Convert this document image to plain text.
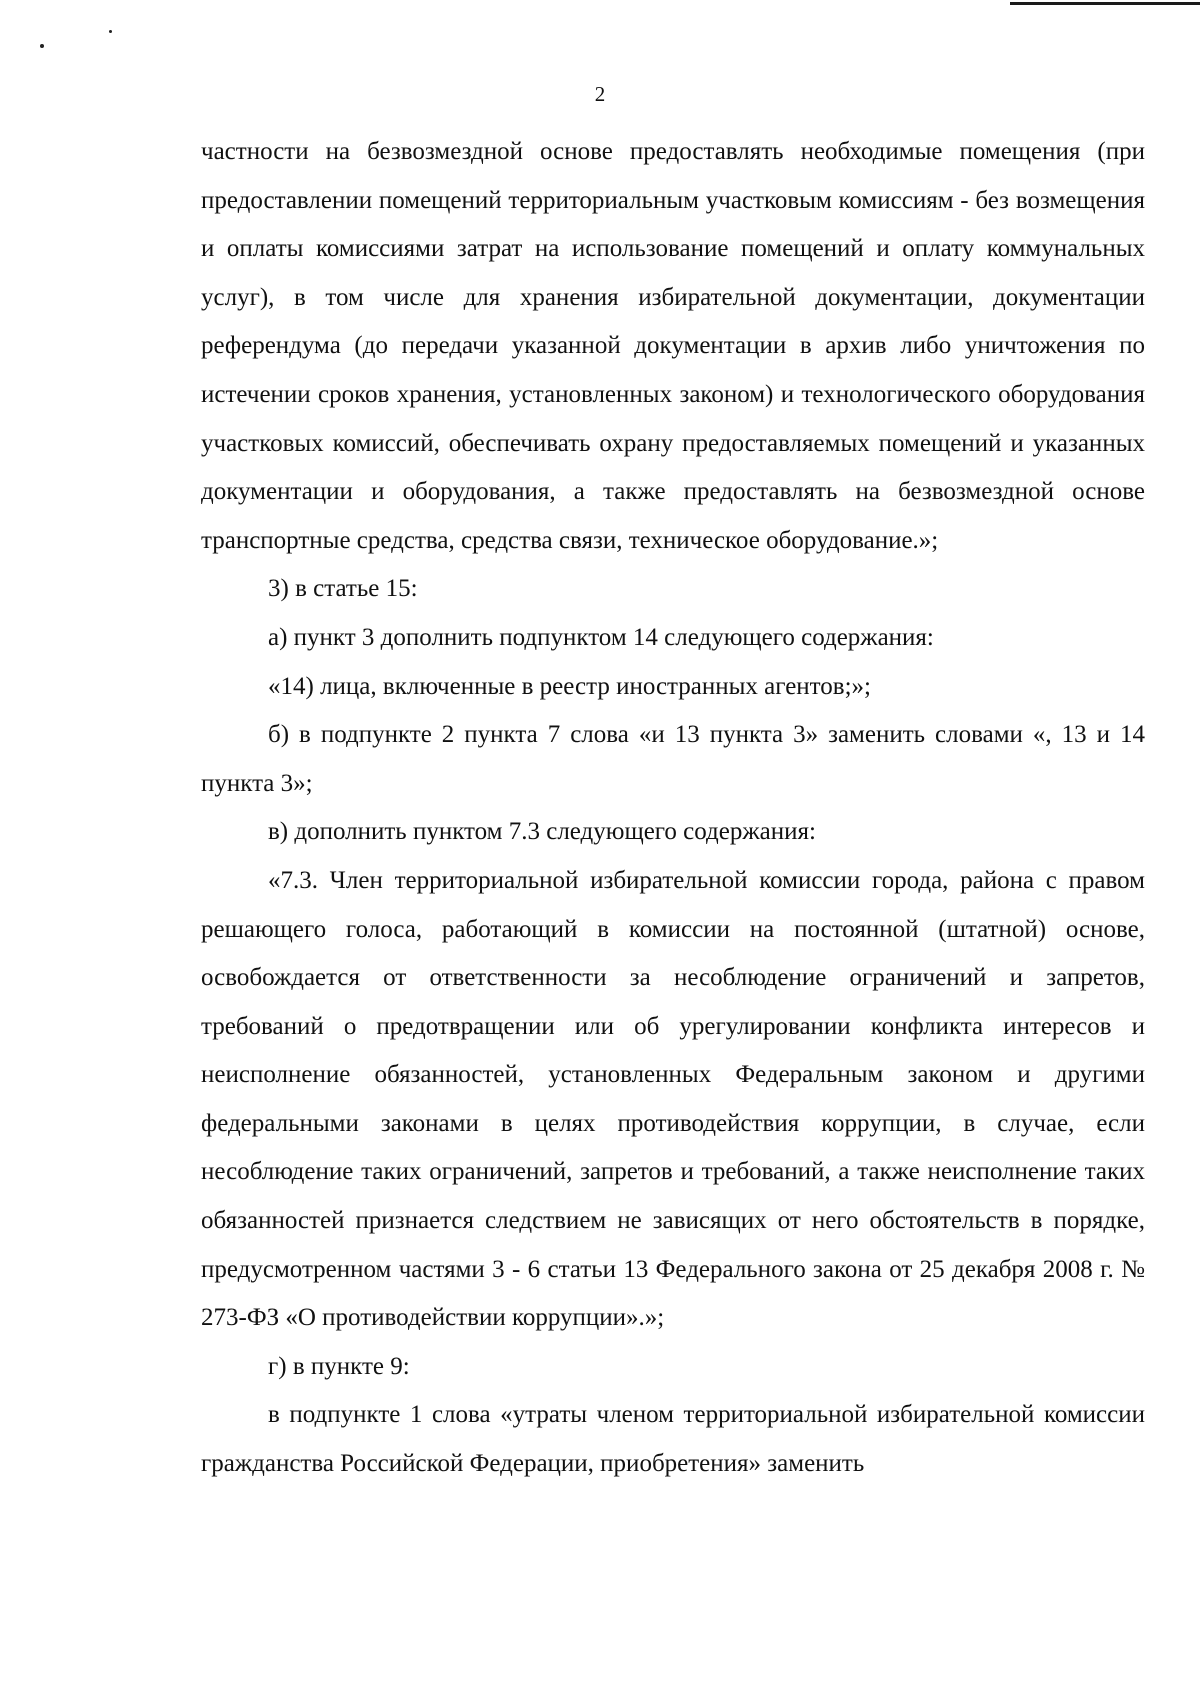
2

частности на безвозмездной основе предоставлять необходимые помещения (при предоставлении помещений территориальным участковым комиссиям - без возмещения и оплаты комиссиями затрат на использование помещений и оплату коммунальных услуг), в том числе для хранения избирательной документации, документации референдума (до передачи указанной документации в архив либо уничтожения по истечении сроков хранения, установленных законом) и технологического оборудования участковых комиссий, обеспечивать охрану предоставляемых помещений и указанных документации и оборудования, а также предоставлять на безвозмездной основе транспортные средства, средства связи, техническое оборудование.»;

3) в статье 15:

а) пункт 3 дополнить подпунктом 14 следующего содержания:

«14) лица, включенные в реестр иностранных агентов;»;

б) в подпункте 2 пункта 7 слова «и 13 пункта 3» заменить словами «, 13 и 14 пункта 3»;

в) дополнить пунктом 7.3 следующего содержания:

«7.3. Член территориальной избирательной комиссии города, района с правом решающего голоса, работающий в комиссии на постоянной (штатной) основе, освобождается от ответственности за несоблюдение ограничений и запретов, требований о предотвращении или об урегулировании конфликта интересов и неисполнение обязанностей, установленных Федеральным законом и другими федеральными законами в целях противодействия коррупции, в случае, если несоблюдение таких ограничений, запретов и требований, а также неисполнение таких обязанностей признается следствием не зависящих от него обстоятельств в порядке, предусмотренном частями 3 - 6 статьи 13 Федерального закона от 25 декабря 2008 г. № 273-ФЗ «О противодействии коррупции».»;

г) в пункте 9:

в подпункте 1 слова «утраты членом территориальной избирательной комиссии гражданства Российской Федерации, приобретения» заменить
